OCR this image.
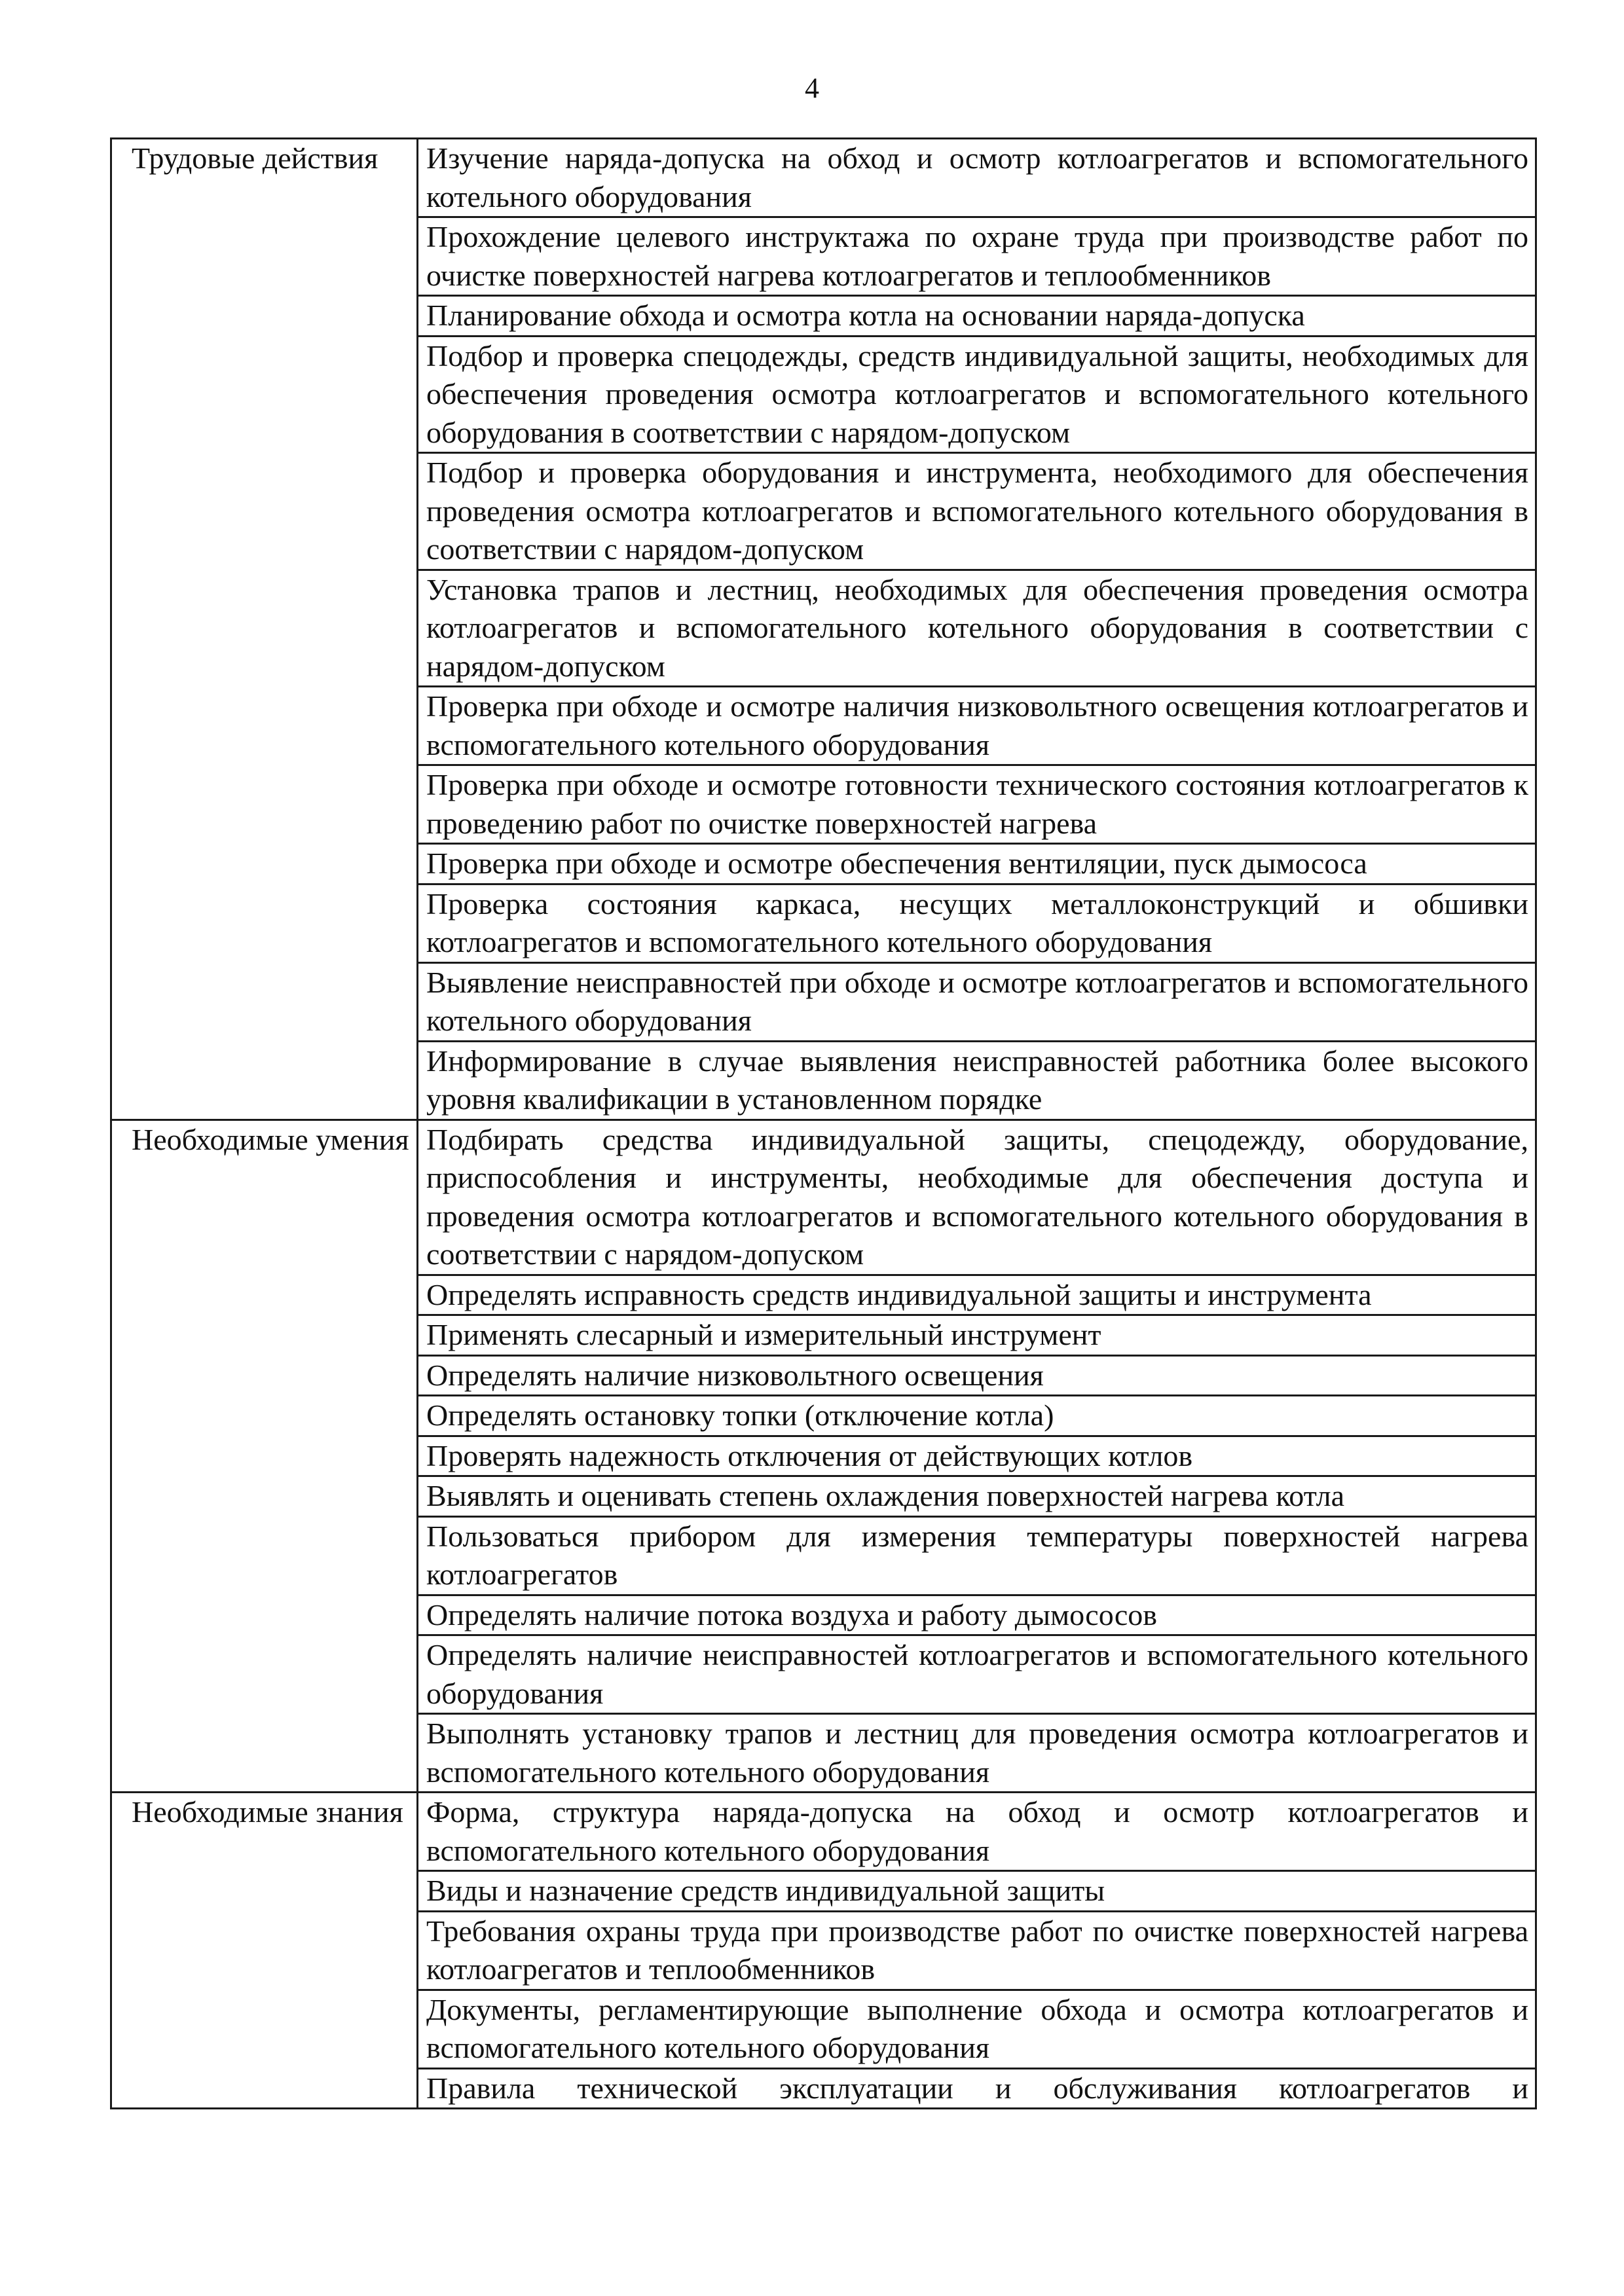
4
Трудовые действия	Изучение наряда-допуска на обход и осмотр котлоагрегатов и вспомогательного котельного оборудования
	Прохождение целевого инструктажа по охране труда при производстве работ по очистке поверхностей нагрева котлоагрегатов и теплообменников
	Планирование обхода и осмотра котла на основании наряда-допуска
	Подбор и проверка спецодежды, средств индивидуальной защиты, необходимых для обеспечения проведения осмотра котлоагрегатов и вспомогательного котельного оборудования в соответствии с нарядом-допуском
	Подбор и проверка оборудования и инструмента, необходимого для обеспечения проведения осмотра котлоагрегатов и вспомогательного котельного оборудования в соответствии с нарядом-допуском
	Установка трапов и лестниц, необходимых для обеспечения проведения осмотра котлоагрегатов и вспомогательного котельного оборудования в соответствии с нарядом-допуском
	Проверка при обходе и осмотре наличия низковольтного освещения котлоагрегатов и вспомогательного котельного оборудования
	Проверка при обходе и осмотре готовности технического состояния котлоагрегатов к проведению работ по очистке поверхностей нагрева
	Проверка при обходе и осмотре обеспечения вентиляции, пуск дымососа
	Проверка состояния каркаса, несущих металлоконструкций и обшивки котлоагрегатов и вспомогательного котельного оборудования
	Выявление неисправностей при обходе и осмотре котлоагрегатов и вспомогательного котельного оборудования
	Информирование в случае выявления неисправностей работника более высокого уровня квалификации в установленном порядке
Необходимые умения	Подбирать средства индивидуальной защиты, спецодежду, оборудование, приспособления и инструменты, необходимые для обеспечения доступа и проведения осмотра котлоагрегатов и вспомогательного котельного оборудования в соответствии с нарядом-допуском
	Определять исправность средств индивидуальной защиты и инструмента
	Применять слесарный и измерительный инструмент
	Определять наличие низковольтного освещения
	Определять остановку топки (отключение котла)
	Проверять надежность отключения от действующих котлов
	Выявлять и оценивать степень охлаждения поверхностей нагрева котла
	Пользоваться прибором для измерения температуры поверхностей нагрева котлоагрегатов
	Определять наличие потока воздуха и работу дымососов
	Определять наличие неисправностей котлоагрегатов и вспомогательного котельного оборудования
	Выполнять установку трапов и лестниц для проведения осмотра котлоагрегатов и вспомогательного котельного оборудования
Необходимые знания	Форма, структура наряда-допуска на обход и осмотр котлоагрегатов и вспомогательного котельного оборудования
	Виды и назначение средств индивидуальной защиты
	Требования охраны труда при производстве работ по очистке поверхностей нагрева котлоагрегатов и теплообменников
	Документы, регламентирующие выполнение обхода и осмотра котлоагрегатов и вспомогательного котельного оборудования
	Правила технической эксплуатации и обслуживания котлоагрегатов и
